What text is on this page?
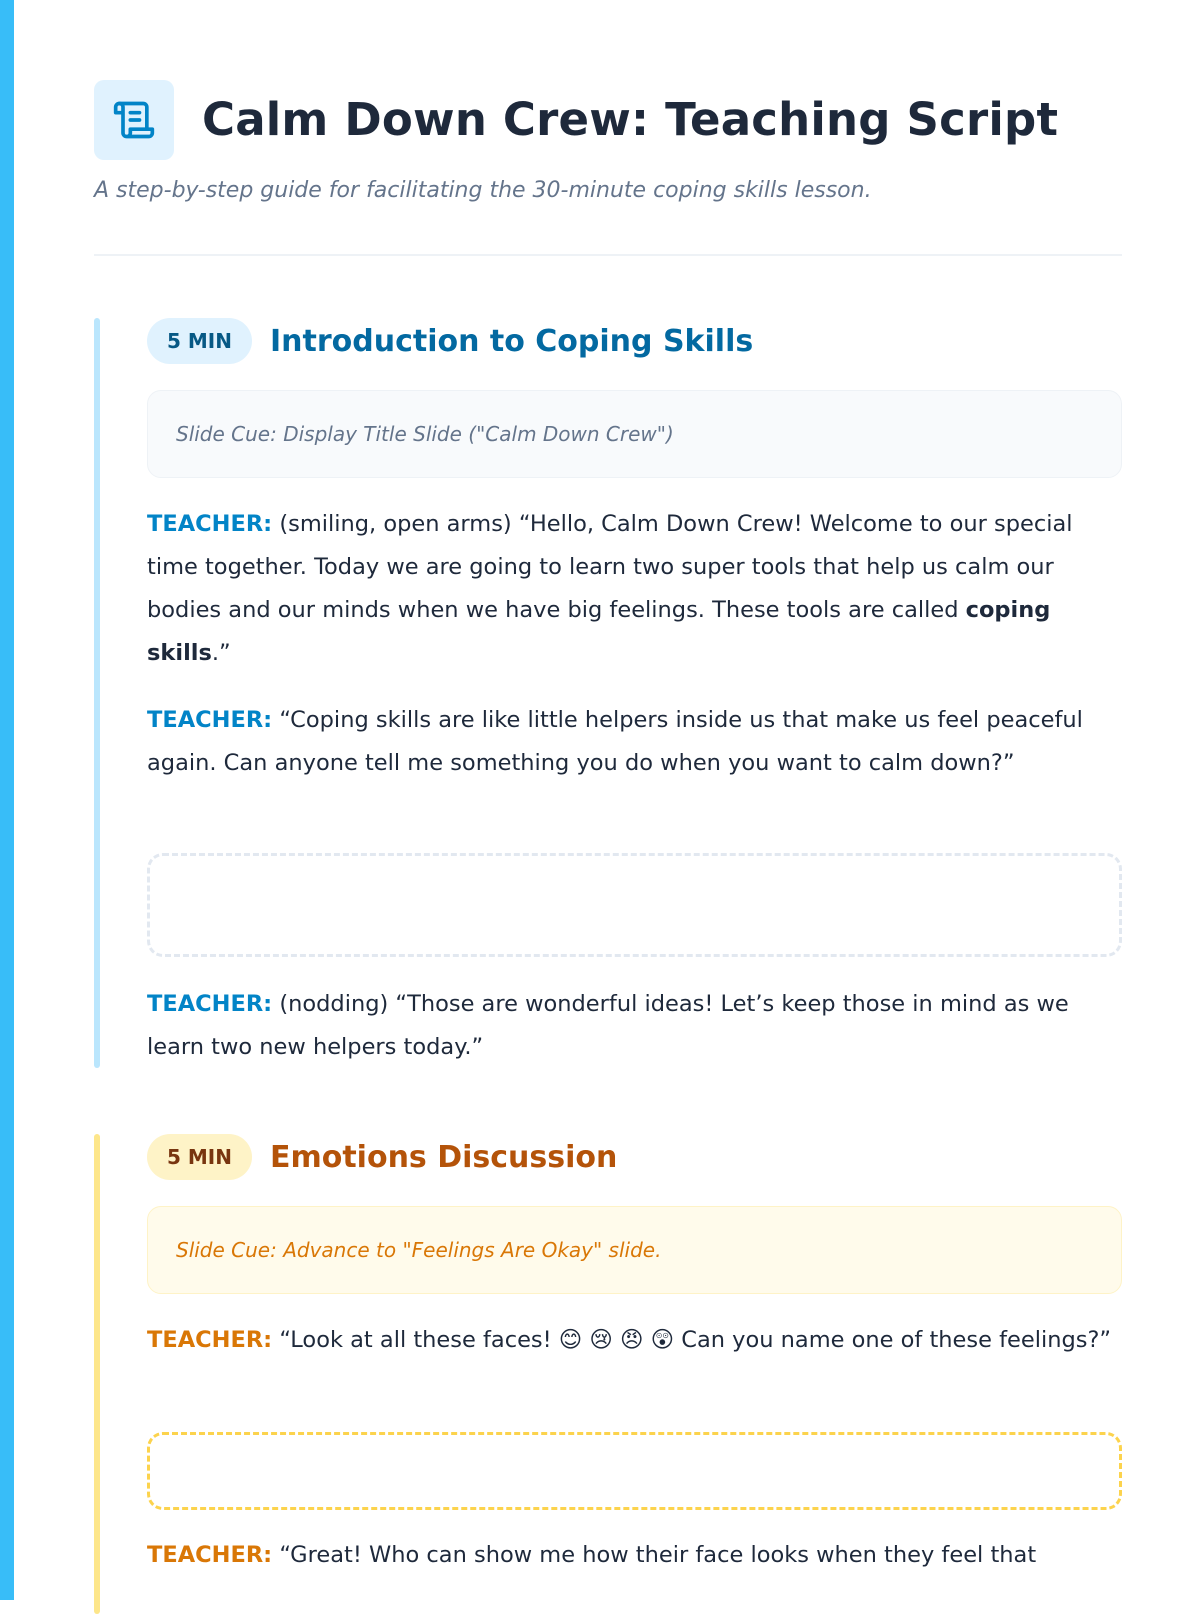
Calm Down Crew: Teaching Script

A step-by-step guide for facilitating the 30-minute coping skills lesson.

5 MIN Introduction to Coping Skills
Slide Cue: Display Title Slide ("Calm Down Crew")

TEACHER: (smiling, open arms) “Hello, Calm Down Crew! Welcome to our special time together. Today we are going to learn two super tools that help us calm our bodies and our minds when we have big feelings. These tools are called coping skills.”

TEACHER: “Coping skills are like little helpers inside us that make us feel peaceful again. Can anyone tell me something you do when you want to calm down?”

TEACHER: (nodding) “Those are wonderful ideas! Let’s keep those in mind as we learn two new helpers today.”

5 MIN Emotions Discussion
Slide Cue: Advance to "Feelings Are Okay" slide.

TEACHER: “Look at all these faces! 😊 😢 😠 😲 Can you name one of these feelings?”

TEACHER: “Great! Who can show me how their face looks when they feel that
